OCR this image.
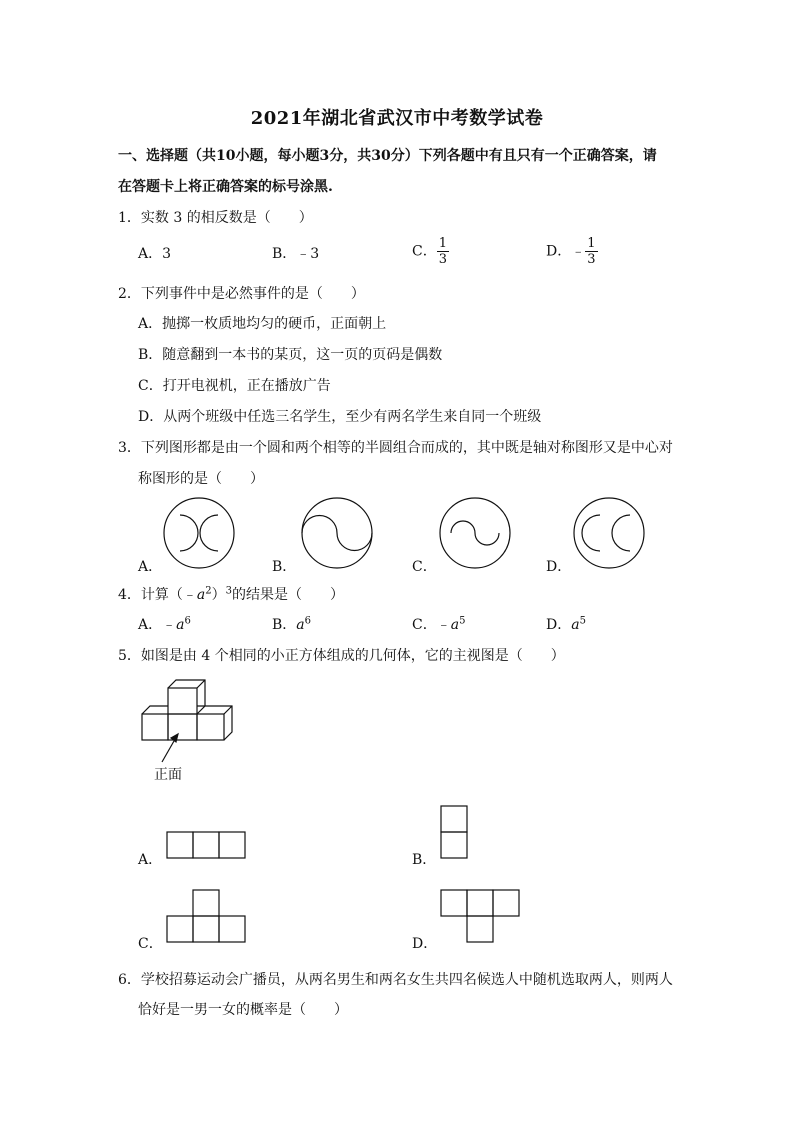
2021年湖北省武汉市中考数学试卷
一、选择题（共10小题，每小题3分，共30分）下列各题中有且只有一个正确答案，请
在答题卡上将正确答案的标号涂黑.
1．实数 3 的相反数是（　　）
A．3	B．﹣3	C． $\frac{1}{3}$	D．﹣ $\frac{1}{3}$
2．下列事件中是必然事件的是（　　）
A．抛掷一枚质地均匀的硬币，正面朝上
B．随意翻到一本书的某页，这一页的页码是偶数
C．打开电视机，正在播放广告
D．从两个班级中任选三名学生，至少有两名学生来自同一个班级
3．下列图形都是由一个圆和两个相等的半圆组合而成的，其中既是轴对称图形又是中心对
称图形的是（　　）
A．	B．	C．	D．
4．计算$(﹣a^2)^3$的结果是（　　）
A．$﹣a^6$	B．$a^6$	C．$﹣a^5$	D．$a^5$
5．如图是由 4 个相同的小正方体组成的几何体，它的主视图是（　　）
正面
A．	B．
C．	D．
6．学校招募运动会广播员，从两名男生和两名女生共四名候选人中随机选取两人，则两人
恰好是一男一女的概率是（　　）
